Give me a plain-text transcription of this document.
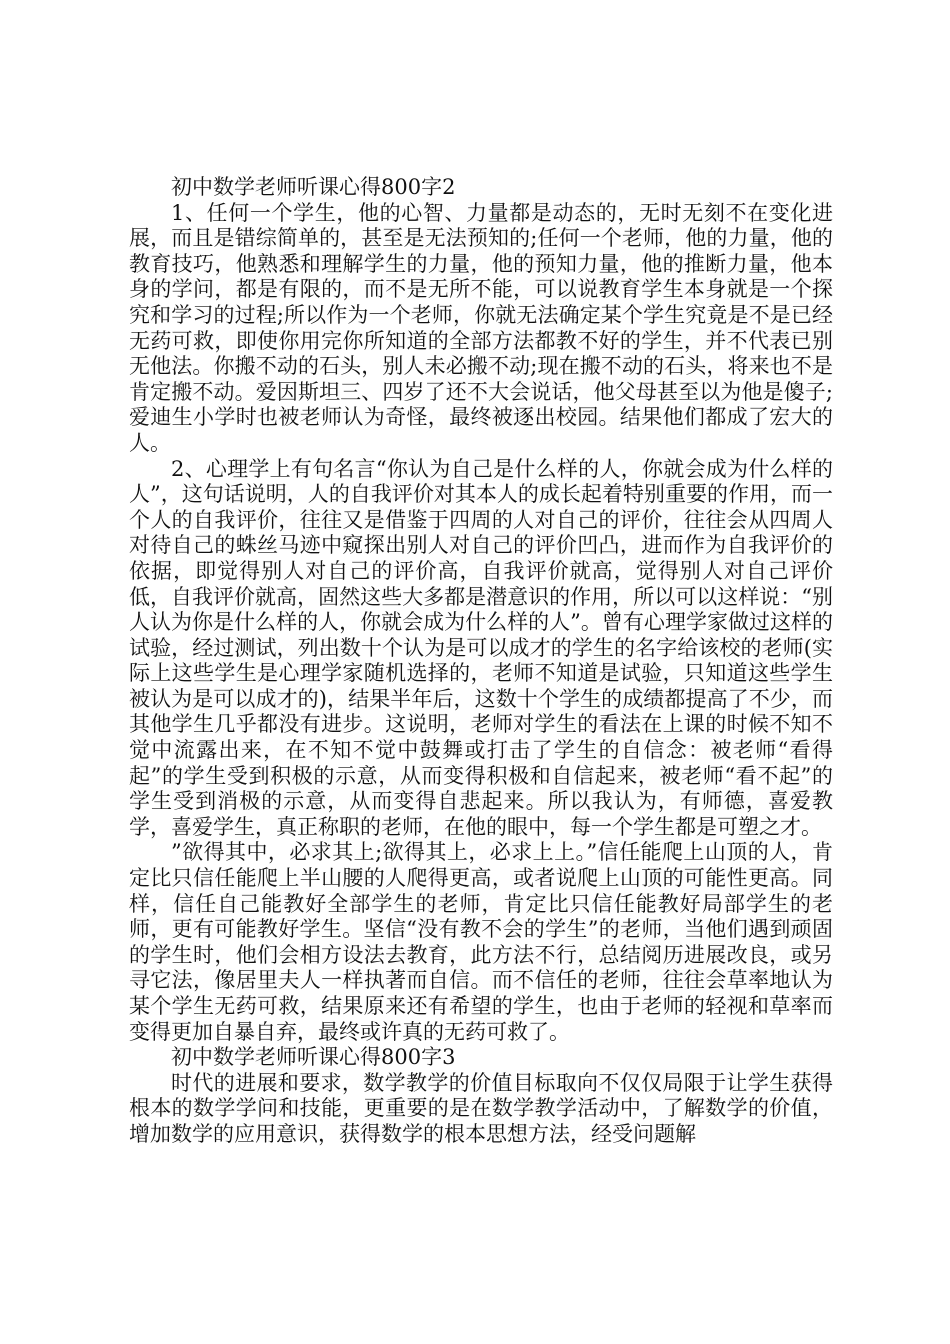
初中数学老师听课心得800字2

1、任何一个学生，他的心智、力量都是动态的，无时无刻不在变化进展，而且是错综简单的，甚至是无法预知的;任何一个老师，他的力量，他的教育技巧，他熟悉和理解学生的力量，他的预知力量，他的推断力量，他本身的学问，都是有限的，而不是无所不能，可以说教育学生本身就是一个探究和学习的过程;所以作为一个老师，你就无法确定某个学生究竟是不是已经无药可救，即使你用完你所知道的全部方法都教不好的学生，并不代表已别无他法。你搬不动的石头，别人未必搬不动;现在搬不动的石头，将来也不是肯定搬不动。爱因斯坦三、四岁了还不大会说话，他父母甚至以为他是傻子;爱迪生小学时也被老师认为奇怪，最终被逐出校园。结果他们都成了宏大的人。

2、心理学上有句名言“你认为自己是什么样的人，你就会成为什么样的人”，这句话说明，人的自我评价对其本人的成长起着特别重要的作用，而一个人的自我评价，往往又是借鉴于四周的人对自己的评价，往往会从四周人对待自己的蛛丝马迹中窥探出别人对自己的评价凹凸，进而作为自我评价的依据，即觉得别人对自己的评价高，自我评价就高，觉得别人对自己评价低，自我评价就高，固然这些大多都是潜意识的作用，所以可以这样说：“别人认为你是什么样的人，你就会成为什么样的人”。曾有心理学家做过这样的试验，经过测试，列出数十个认为是可以成才的学生的名字给该校的老师(实际上这些学生是心理学家随机选择的，老师不知道是试验，只知道这些学生被认为是可以成才的)，结果半年后，这数十个学生的成绩都提高了不少，而其他学生几乎都没有进步。这说明，老师对学生的看法在上课的时候不知不觉中流露出来，在不知不觉中鼓舞或打击了学生的自信念：被老师“看得起”的学生受到积极的示意，从而变得积极和自信起来，被老师“看不起”的学生受到消极的示意，从而变得自悲起来。所以我认为，有师德，喜爱教学，喜爱学生，真正称职的老师，在他的眼中，每一个学生都是可塑之才。

”欲得其中，必求其上;欲得其上，必求上上。”信任能爬上山顶的人，肯定比只信任能爬上半山腰的人爬得更高，或者说爬上山顶的可能性更高。同样，信任自己能教好全部学生的老师，肯定比只信任能教好局部学生的老师，更有可能教好学生。坚信“没有教不会的学生”的老师，当他们遇到顽固的学生时，他们会相方设法去教育，此方法不行，总结阅历进展改良，或另寻它法，像居里夫人一样执著而自信。而不信任的老师，往往会草率地认为某个学生无药可救，结果原来还有希望的学生，也由于老师的轻视和草率而变得更加自暴自弃，最终或许真的无药可救了。

初中数学老师听课心得800字3

时代的进展和要求，数学教学的价值目标取向不仅仅局限于让学生获得根本的数学学问和技能，更重要的是在数学教学活动中，了解数学的价值，增加数学的应用意识，获得数学的根本思想方法，经受问题解
